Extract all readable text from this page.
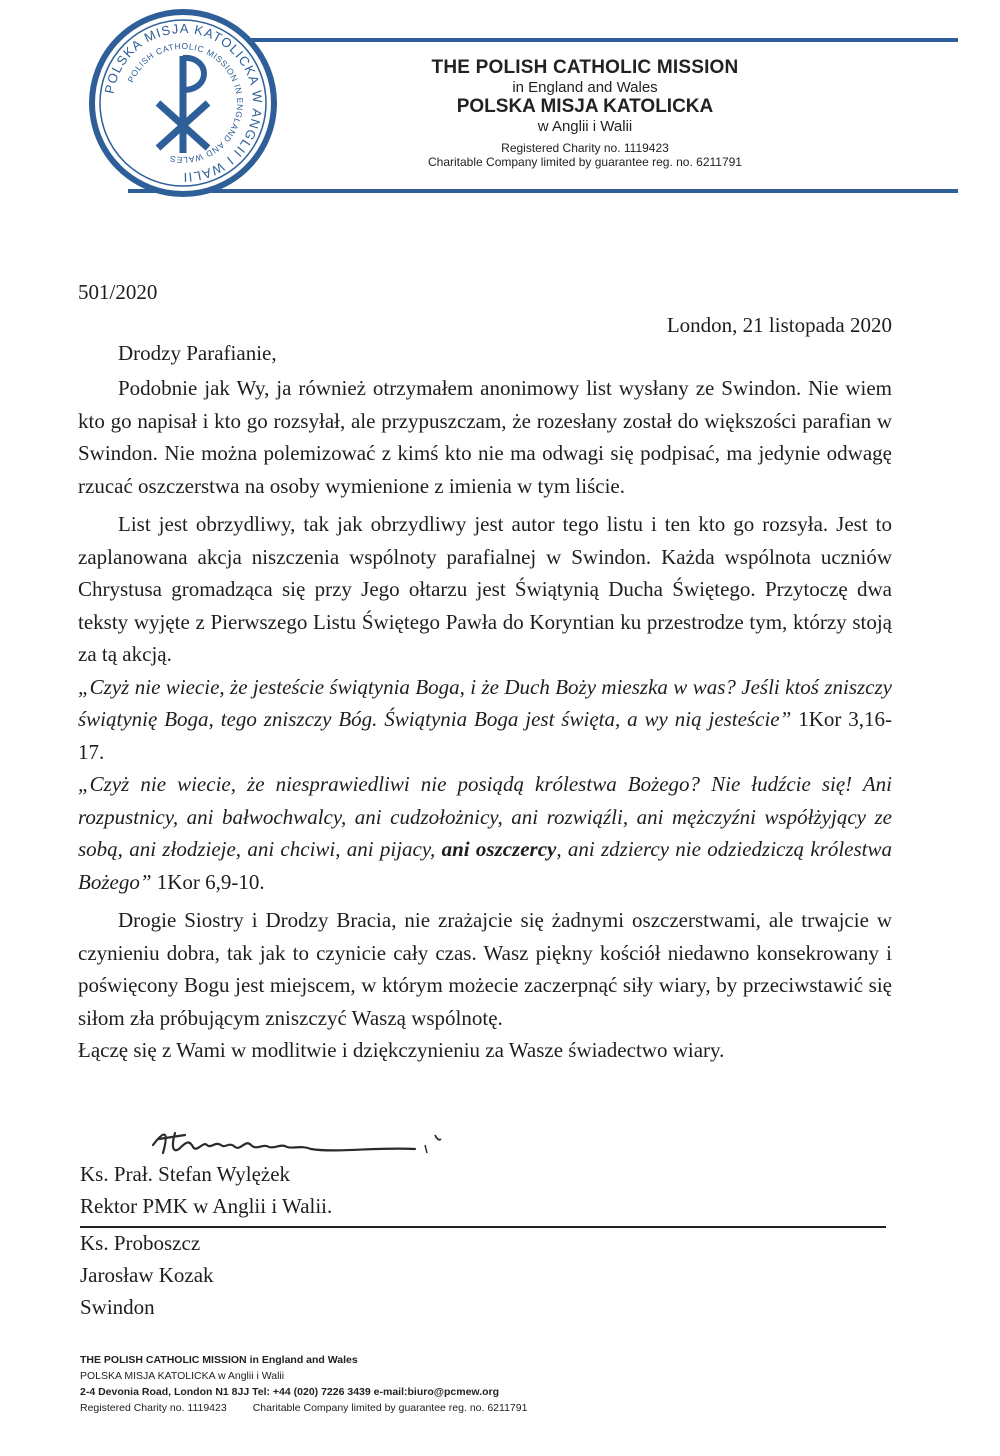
POLSKA MISJA KATOLICKA W ANGLII I WALII
POLISH CATHOLIC MISSION IN ENGLAND AND WALES
THE POLISH CATHOLIC MISSION
in England and Wales
POLSKA MISJA KATOLICKA
w Anglii i Walii
Registered Charity no. 1119423
Charitable Company limited by guarantee reg. no. 6211791
501/2020
London, 21 listopada 2020
Drodzy Parafianie,

Podobnie jak Wy, ja również otrzymałem anonimowy list wysłany ze Swindon. Nie wiem kto go napisał i kto go rozsyłał, ale przypuszczam, że rozesłany został do większości parafian w Swindon. Nie można polemizować z kimś kto nie ma odwagi się podpisać, ma jedynie odwagę rzucać oszczerstwa na osoby wymienione z imienia w tym liście.

List jest obrzydliwy, tak jak obrzydliwy jest autor tego listu i ten kto go rozsyła. Jest to zaplanowana akcja niszczenia wspólnoty parafialnej w Swindon. Każda wspólnota uczniów Chrystusa gromadząca się przy Jego ołtarzu jest Świątynią Ducha Świętego. Przytoczę dwa teksty wyjęte z Pierwszego Listu Świętego Pawła do Koryntian ku przestrodze tym, którzy stoją za tą akcją.

„Czyż nie wiecie, że jesteście świątynia Boga, i że Duch Boży mieszka w was? Jeśli ktoś zniszczy świątynię Boga, tego zniszczy Bóg. Świątynia Boga jest święta, a wy nią jesteście” 1Kor 3,16-17.

„Czyż nie wiecie, że niesprawiedliwi nie posiądą królestwa Bożego? Nie łudźcie się! Ani rozpustnicy, ani bałwochwalcy, ani cudzołożnicy, ani rozwiąźli, ani mężczyźni współżyjący ze sobą, ani złodzieje, ani chciwi, ani pijacy, ani oszczercy, ani zdziercy nie odziedziczą królestwa Bożego” 1Kor 6,9-10.

Drogie Siostry i Drodzy Bracia, nie zrażajcie się żadnymi oszczerstwami, ale trwajcie w czynieniu dobra, tak jak to czynicie cały czas. Wasz piękny kościół niedawno konsekrowany i poświęcony Bogu jest miejscem, w którym możecie zaczerpnąć siły wiary, by przeciwstawić się siłom zła próbującym zniszczyć Waszą wspólnotę.

Łączę się z Wami w modlitwie i dziękczynieniu za Wasze świadectwo wiary.

Ks. Prał. Stefan Wylężek
Rektor PMK w Anglii i Walii.
Ks. Proboszcz
Jarosław Kozak
Swindon
THE POLISH CATHOLIC MISSION in England and Wales
POLSKA MISJA KATOLICKA w Anglii i Walii
2-4 Devonia Road, London N1 8JJ Tel: +44 (020) 7226 3439 e-mail:biuro@pcmew.org
Registered Charity no. 1119423 Charitable Company limited by guarantee reg. no. 6211791
